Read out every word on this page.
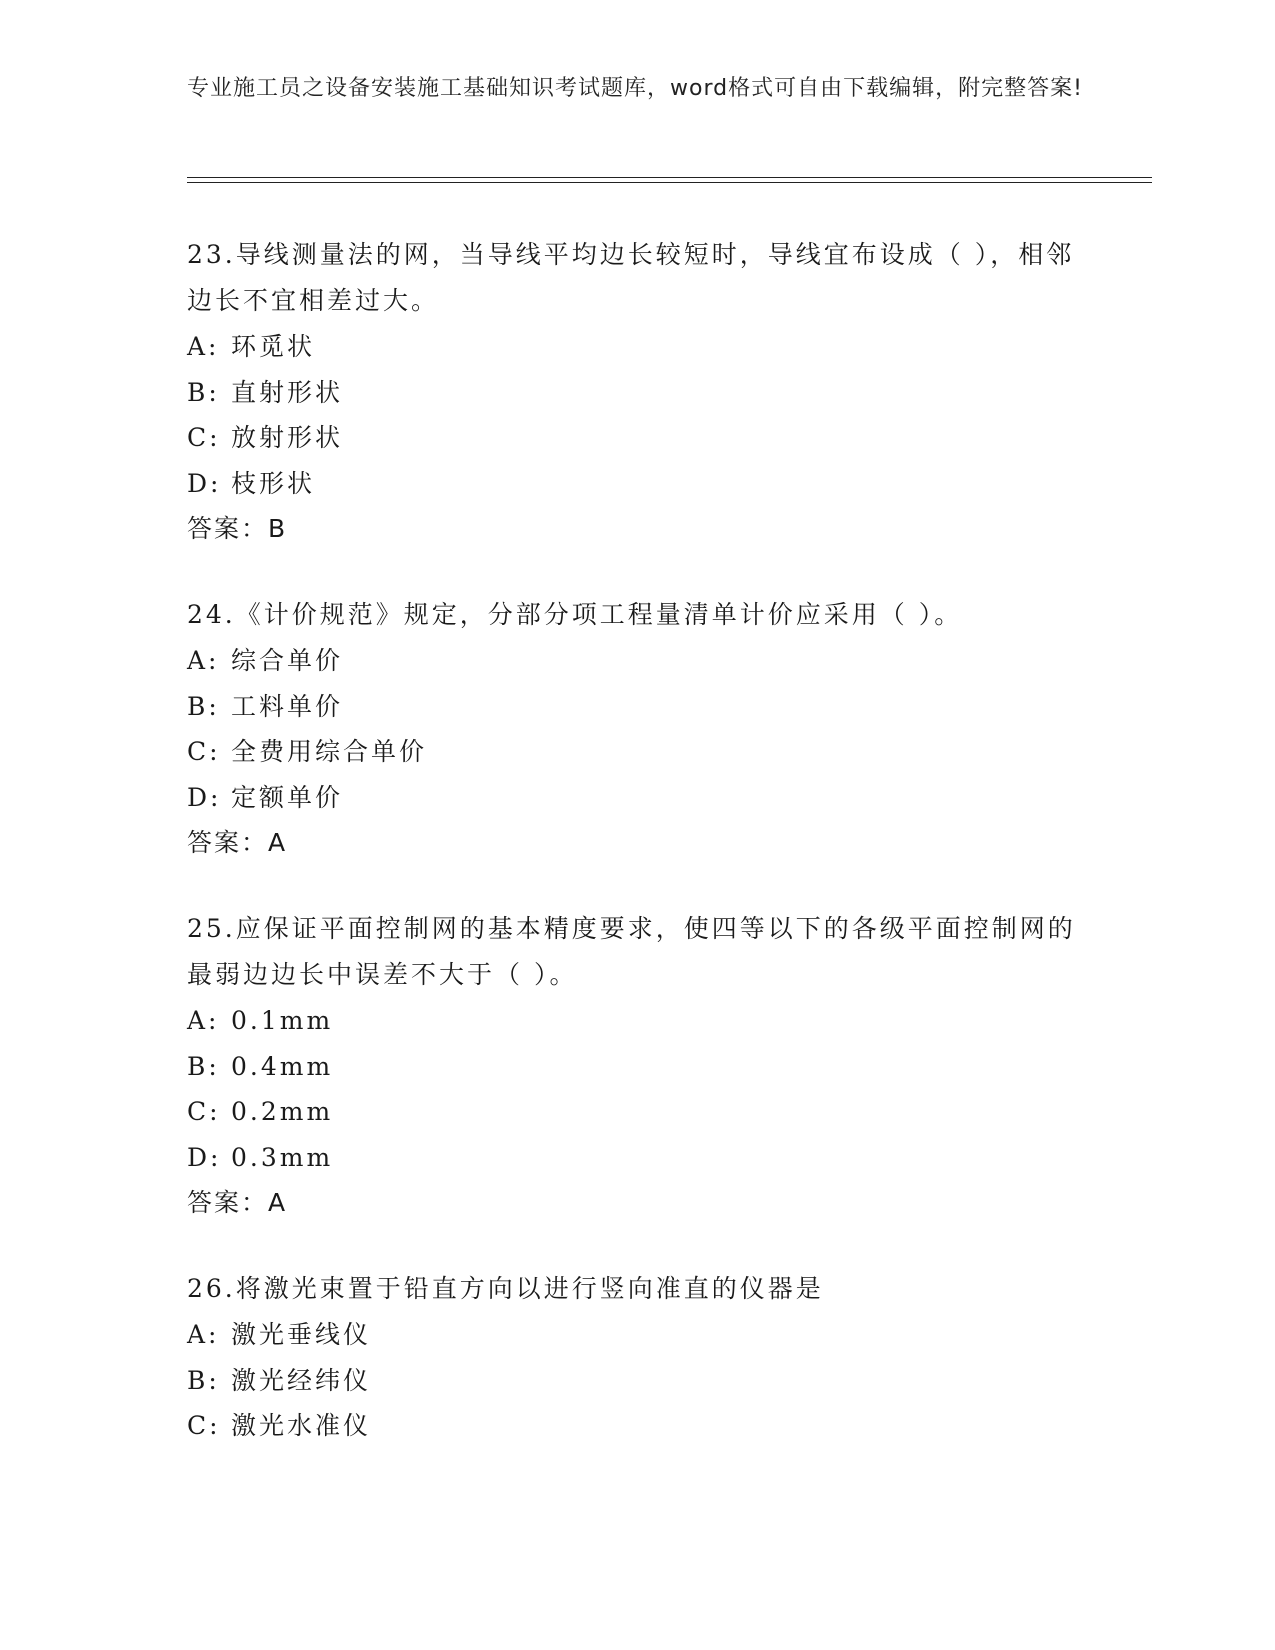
专业施工员之设备安装施工基础知识考试题库，word格式可自由下载编辑，附完整答案!

23.导线测量法的网，当导线平均边长较短时，导线宜布设成（ ），相邻边长不宜相差过大。

A: 环觅状

B: 直射形状

C: 放射形状

D: 枝形状

答案：B

24.《计价规范》规定，分部分项工程量清单计价应采用（ ）。

A: 综合单价

B: 工料单价

C: 全费用综合单价

D: 定额单价

答案：A

25.应保证平面控制网的基本精度要求，使四等以下的各级平面控制网的最弱边边长中误差不大于（ ）。

A: 0.1mm

B: 0.4mm

C: 0.2mm

D: 0.3mm

答案：A

26.将激光束置于铅直方向以进行竖向准直的仪器是

A: 激光垂线仪

B: 激光经纬仪

C: 激光水准仪
